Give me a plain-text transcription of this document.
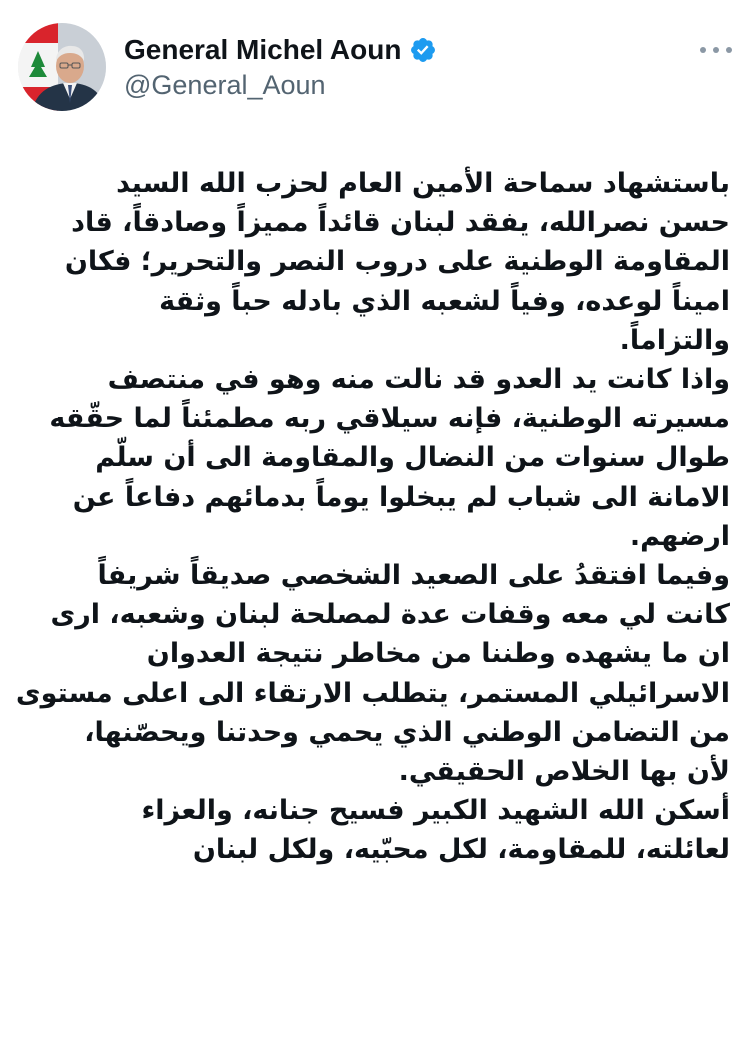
General Michel Aoun
@General_Aoun
باستشهاد سماحة الأمين العام لحزب الله السيد
حسن نصرالله، يفقد لبنان قائداً مميزاً وصادقاً، قاد
المقاومة الوطنية على دروب النصر والتحرير؛ فكان
اميناً لوعده، وفياً لشعبه الذي بادله حباً وثقة
والتزاماً.
واذا كانت يد العدو قد نالت منه وهو في منتصف
مسيرته الوطنية، فإنه سيلاقي ربه مطمئناً لما حقّقه
طوال سنوات من النضال والمقاومة الى أن سلّم
الامانة الى شباب لم يبخلوا يوماً بدمائهم دفاعاً عن
ارضهم.
وفيما افتقدُ على الصعيد الشخصي صديقاً شريفاً
كانت لي معه وقفات عدة لمصلحة لبنان وشعبه، ارى
ان ما يشهده وطننا من مخاطر نتيجة العدوان
الاسرائيلي المستمر، يتطلب الارتقاء الى اعلى مستوى
من التضامن الوطني الذي يحمي وحدتنا ويحصّنها،
لأن بها الخلاص الحقيقي.
أسكن الله الشهيد الكبير فسيح جنانه، والعزاء
لعائلته، للمقاومة، لكل محبّيه، ولكل لبنان
